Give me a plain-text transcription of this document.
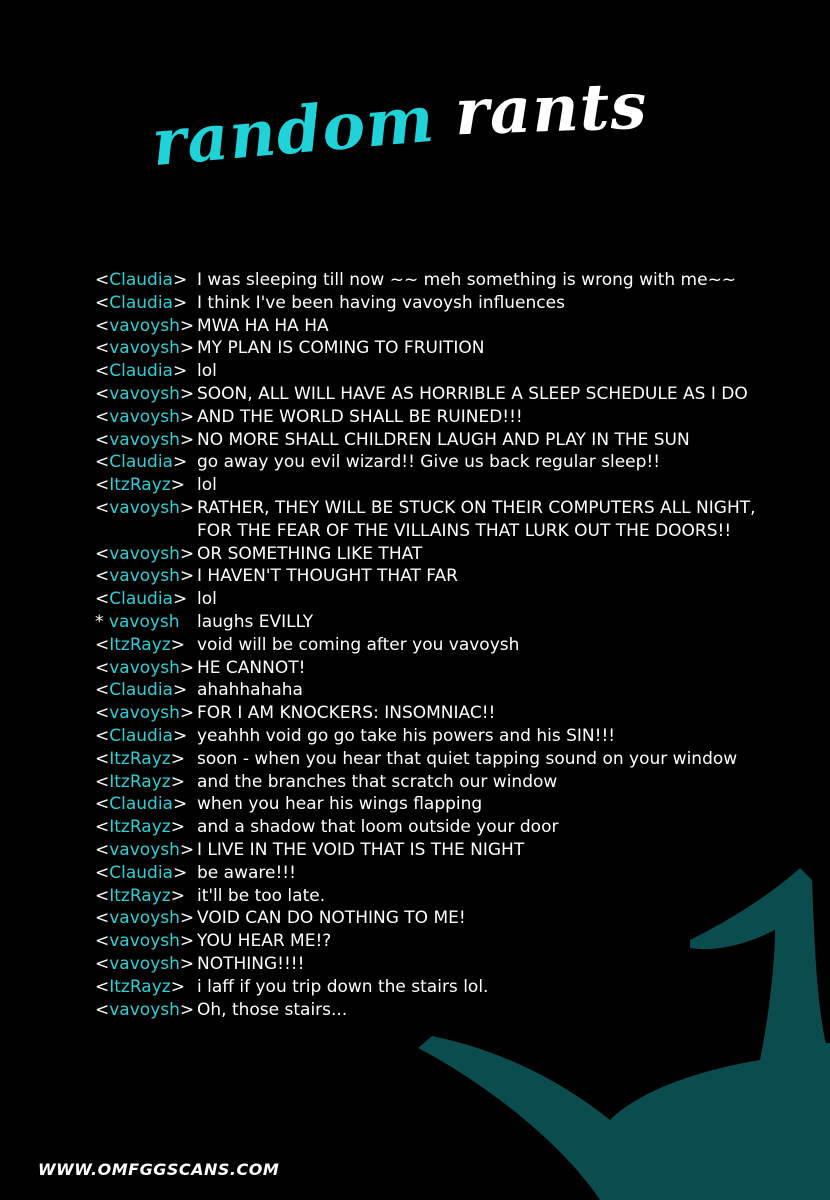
random rants
<Claudia> I was sleeping till now ~~ meh something is wrong with me~~
<Claudia> I think I've been having vavoysh influences
<vavoysh> MWA HA HA HA
<vavoysh> MY PLAN IS COMING TO FRUITION
<Claudia> lol
<vavoysh> SOON, ALL WILL HAVE AS HORRIBLE A SLEEP SCHEDULE AS I DO
<vavoysh> AND THE WORLD SHALL BE RUINED!!!
<vavoysh> NO MORE SHALL CHILDREN LAUGH AND PLAY IN THE SUN
<Claudia> go away you evil wizard!! Give us back regular sleep!!
<ItzRayz> lol
<vavoysh> RATHER, THEY WILL BE STUCK ON THEIR COMPUTERS ALL NIGHT,
FOR THE FEAR OF THE VILLAINS THAT LURK OUT THE DOORS!!
<vavoysh> OR SOMETHING LIKE THAT
<vavoysh> I HAVEN'T THOUGHT THAT FAR
<Claudia> lol
* vavoysh	laughs EVILLY
<ItzRayz> void will be coming after you vavoysh
<vavoysh> HE CANNOT!
<Claudia> ahahhahaha
<vavoysh> FOR I AM KNOCKERS: INSOMNIAC!!
<Claudia> yeahhh void go go take his powers and his SIN!!!
<ItzRayz> soon - when you hear that quiet tapping sound on your window
<ItzRayz> and the branches that scratch our window
<Claudia> when you hear his wings flapping
<ItzRayz> and a shadow that loom outside your door
<vavoysh> I LIVE IN THE VOID THAT IS THE NIGHT
<Claudia> be aware!!!
<ItzRayz> it'll be too late.
<vavoysh> VOID CAN DO NOTHING TO ME!
<vavoysh> YOU HEAR ME!?
<vavoysh> NOTHING!!!!
<ItzRayz> i laff if you trip down the stairs lol.
<vavoysh> Oh, those stairs...
WWW.OMFGGSCANS.COM
